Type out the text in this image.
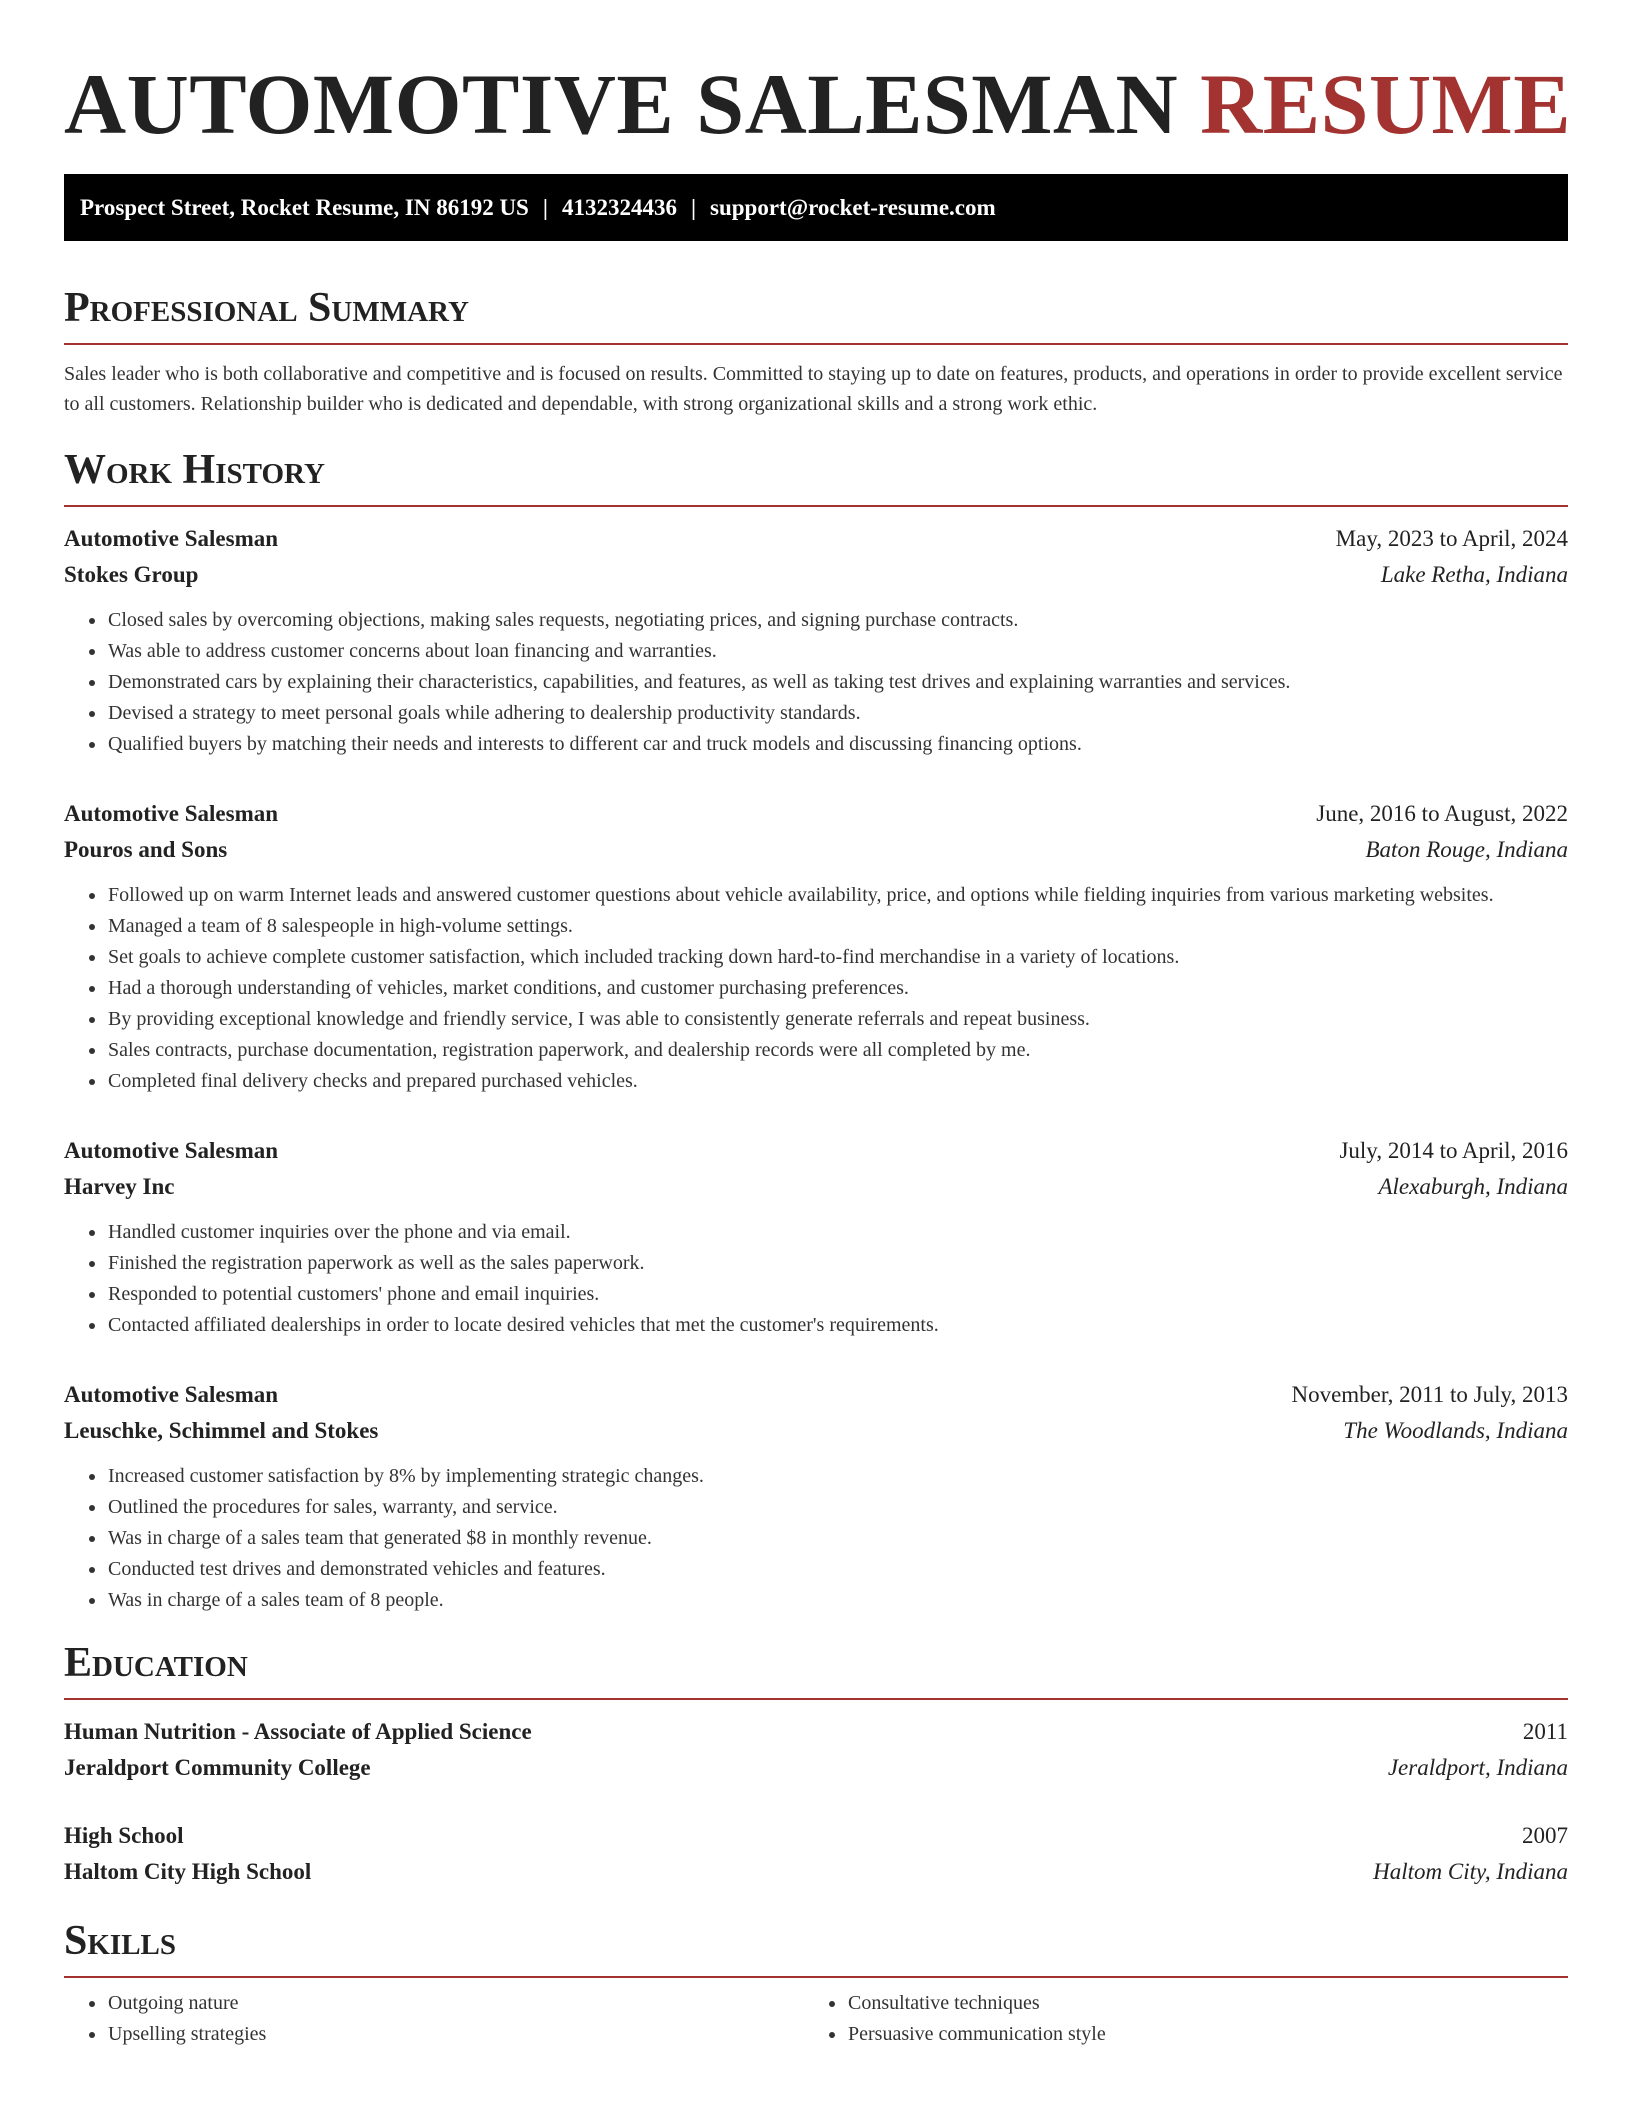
AUTOMOTIVE SALESMAN RESUME
Prospect Street, Rocket Resume, IN 86192 US | 4132324436 | support@rocket-resume.com
Professional Summary

Sales leader who is both collaborative and competitive and is focused on results. Committed to staying up to date on features, products, and operations in order to provide excellent service to all customers. Relationship builder who is dedicated and dependable, with strong organizational skills and a strong work ethic.

Work History
Automotive Salesman	May, 2023 to April, 2024
Stokes Group	Lake Retha, Indiana
• Closed sales by overcoming objections, making sales requests, negotiating prices, and signing purchase contracts.
• Was able to address customer concerns about loan financing and warranties.
• Demonstrated cars by explaining their characteristics, capabilities, and features, as well as taking test drives and explaining warranties and services.
• Devised a strategy to meet personal goals while adhering to dealership productivity standards.
• Qualified buyers by matching their needs and interests to different car and truck models and discussing financing options.
Automotive Salesman	June, 2016 to August, 2022
Pouros and Sons	Baton Rouge, Indiana
• Followed up on warm Internet leads and answered customer questions about vehicle availability, price, and options while fielding inquiries from various marketing websites.
• Managed a team of 8 salespeople in high-volume settings.
• Set goals to achieve complete customer satisfaction, which included tracking down hard-to-find merchandise in a variety of locations.
• Had a thorough understanding of vehicles, market conditions, and customer purchasing preferences.
• By providing exceptional knowledge and friendly service, I was able to consistently generate referrals and repeat business.
• Sales contracts, purchase documentation, registration paperwork, and dealership records were all completed by me.
• Completed final delivery checks and prepared purchased vehicles.
Automotive Salesman	July, 2014 to April, 2016
Harvey Inc	Alexaburgh, Indiana
• Handled customer inquiries over the phone and via email.
• Finished the registration paperwork as well as the sales paperwork.
• Responded to potential customers' phone and email inquiries.
• Contacted affiliated dealerships in order to locate desired vehicles that met the customer's requirements.
Automotive Salesman	November, 2011 to July, 2013
Leuschke, Schimmel and Stokes	The Woodlands, Indiana
• Increased customer satisfaction by 8% by implementing strategic changes.
• Outlined the procedures for sales, warranty, and service.
• Was in charge of a sales team that generated $8 in monthly revenue.
• Conducted test drives and demonstrated vehicles and features.
• Was in charge of a sales team of 8 people.
Education
Human Nutrition - Associate of Applied Science	2011
Jeraldport Community College	Jeraldport, Indiana
High School	2007
Haltom City High School	Haltom City, Indiana
Skills
• Outgoing nature
• Upselling strategies
• Consultative techniques
• Persuasive communication style
